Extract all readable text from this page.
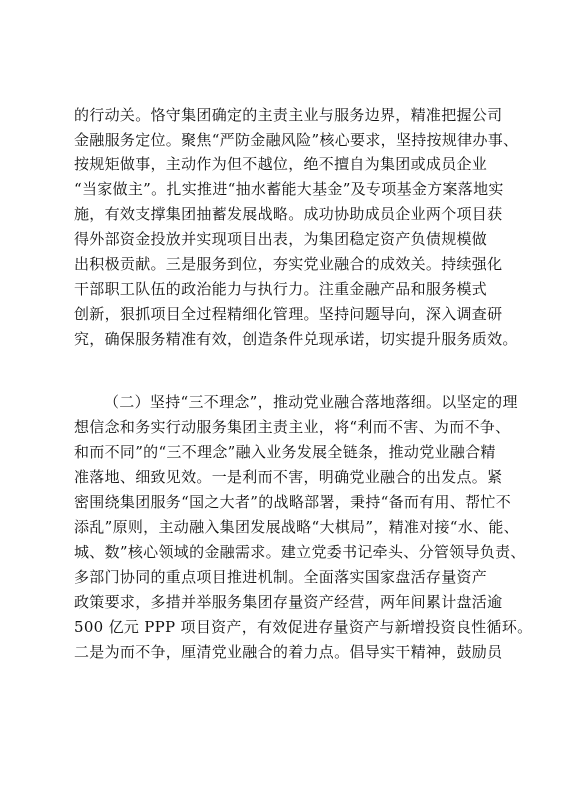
的行动关。恪守集团确定的主责主业与服务边界，精准把握公司
金融服务定位。聚焦“严防金融风险”核心要求，坚持按规律办事、
按规矩做事，主动作为但不越位，绝不擅自为集团或成员企业
“当家做主”。扎实推进“抽水蓄能大基金”及专项基金方案落地实
施，有效支撑集团抽蓄发展战略。成功协助成员企业两个项目获
得外部资金投放并实现项目出表，为集团稳定资产负债规模做
出积极贡献。三是服务到位，夯实党业融合的成效关。持续强化
干部职工队伍的政治能力与执行力。注重金融产品和服务模式
创新，狠抓项目全过程精细化管理。坚持问题导向，深入调查研
究，确保服务精准有效，创造条件兑现承诺，切实提升服务质效。
（二）坚持“三不理念”，推动党业融合落地落细。以坚定的理
想信念和务实行动服务集团主责主业，将“利而不害、为而不争、
和而不同”的“三不理念”融入业务发展全链条，推动党业融合精
准落地、细致见效。一是利而不害，明确党业融合的出发点。紧
密围绕集团服务“国之大者”的战略部署，秉持“备而有用、帮忙不
添乱”原则，主动融入集团发展战略“大棋局”，精准对接“水、能、
城、数”核心领域的金融需求。建立党委书记牵头、分管领导负责、
多部门协同的重点项目推进机制。全面落实国家盘活存量资产
政策要求，多措并举服务集团存量资产经营，两年间累计盘活逾
500 亿元 PPP 项目资产，有效促进存量资产与新增投资良性循环。
二是为而不争，厘清党业融合的着力点。倡导实干精神，鼓励员
